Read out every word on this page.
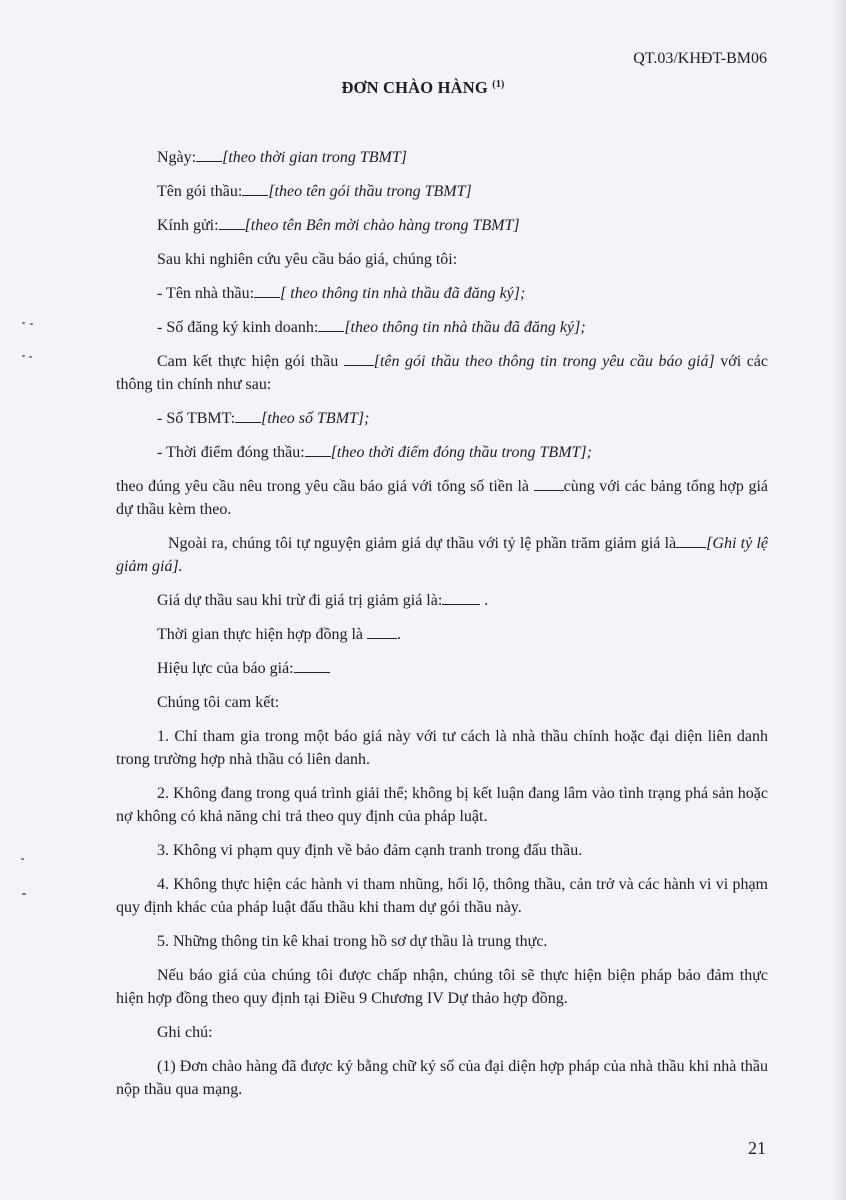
QT.03/KHĐT-BM06
ĐƠN CHÀO HÀNG $^{(1)}$

Ngày: [theo thời gian trong TBMT]

Tên gói thầu: [theo tên gói thầu trong TBMT]

Kính gửi: [theo tên Bên mời chào hàng trong TBMT]

Sau khi nghiên cứu yêu cầu báo giá, chúng tôi:

- Tên nhà thầu: [ theo thông tin nhà thầu đã đăng ký];

- Số đăng ký kinh doanh: [theo thông tin nhà thầu đã đăng ký];

Cam kết thực hiện gói thầu [tên gói thầu theo thông tin trong yêu cầu báo giá] với các thông tin chính như sau:

- Số TBMT: [theo số TBMT];

- Thời điểm đóng thầu: [theo thời điểm đóng thầu trong TBMT];

theo đúng yêu cầu nêu trong yêu cầu báo giá với tổng số tiền là cùng với các bảng tổng hợp giá dự thầu kèm theo.

Ngoài ra, chúng tôi tự nguyện giảm giá dự thầu với tỷ lệ phần trăm giảm giá là [Ghi tỷ lệ giảm giá].

Giá dự thầu sau khi trừ đi giá trị giảm giá là: .

Thời gian thực hiện hợp đồng là .

Hiệu lực của báo giá:

Chúng tôi cam kết:

1. Chỉ tham gia trong một báo giá này với tư cách là nhà thầu chính hoặc đại diện liên danh trong trường hợp nhà thầu có liên danh.

2. Không đang trong quá trình giải thể; không bị kết luận đang lâm vào tình trạng phá sản hoặc nợ không có khả năng chi trả theo quy định của pháp luật.

3. Không vi phạm quy định về bảo đảm cạnh tranh trong đấu thầu.

4. Không thực hiện các hành vi tham nhũng, hối lộ, thông thầu, cản trở và các hành vi vi phạm quy định khác của pháp luật đấu thầu khi tham dự gói thầu này.

5. Những thông tin kê khai trong hồ sơ dự thầu là trung thực.

Nếu báo giá của chúng tôi được chấp nhận, chúng tôi sẽ thực hiện biện pháp bảo đảm thực hiện hợp đồng theo quy định tại Điều 9 Chương IV Dự thảo hợp đồng.

Ghi chú:

(1) Đơn chào hàng đã được ký bằng chữ ký số của đại diện hợp pháp của nhà thầu khi nhà thầu nộp thầu qua mạng.

21
